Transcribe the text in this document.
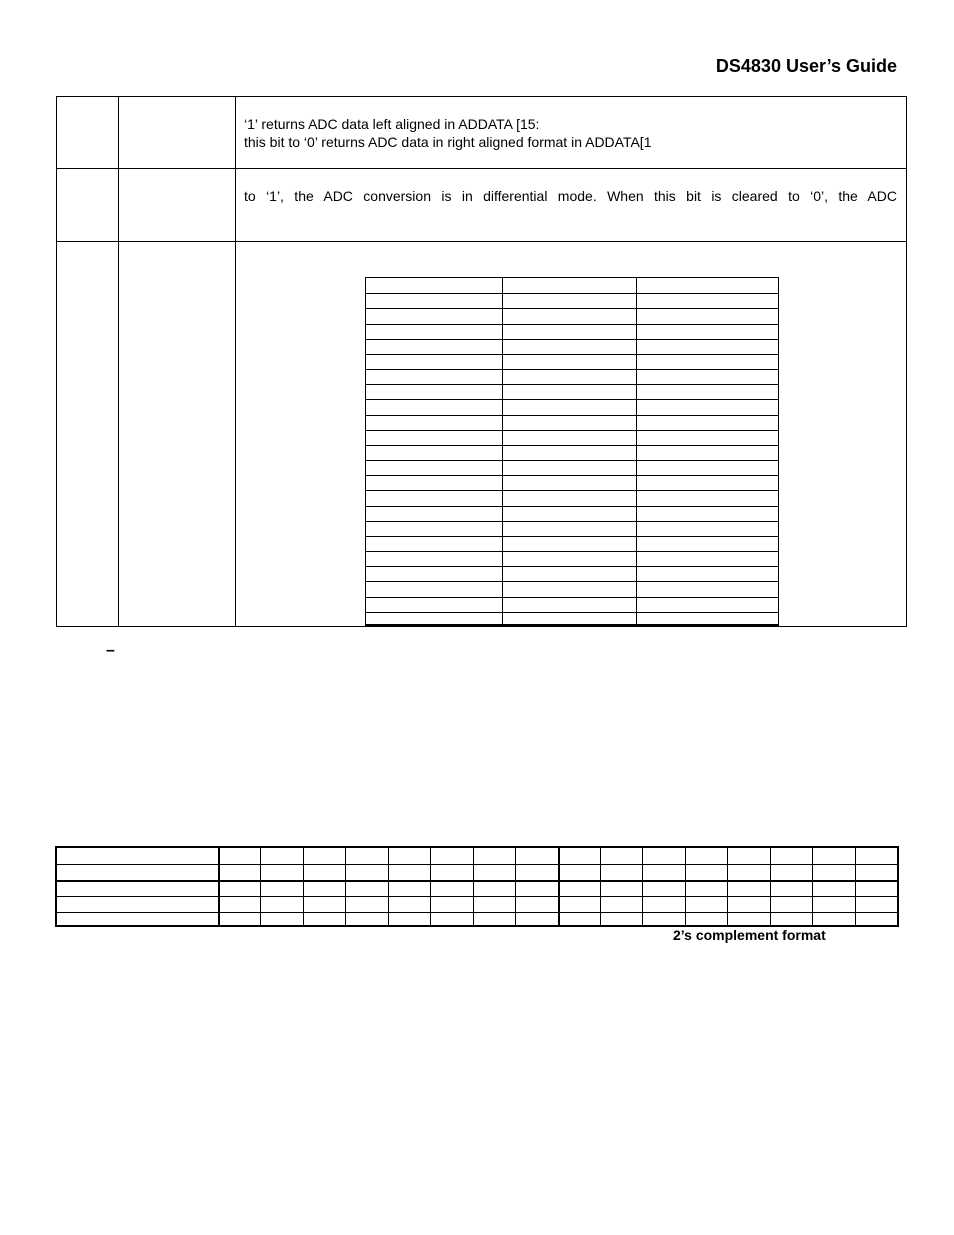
DS4830 User’s Guide
‘1’ returns ADC data left aligned in ADDATA [15:
this bit to ‘0’ returns ADC data in right aligned format in ADDATA[1
to ‘1’, the ADC conversion is in differential mode. When this bit is cleared to ‘0’, the ADC
–
2’s complement format
